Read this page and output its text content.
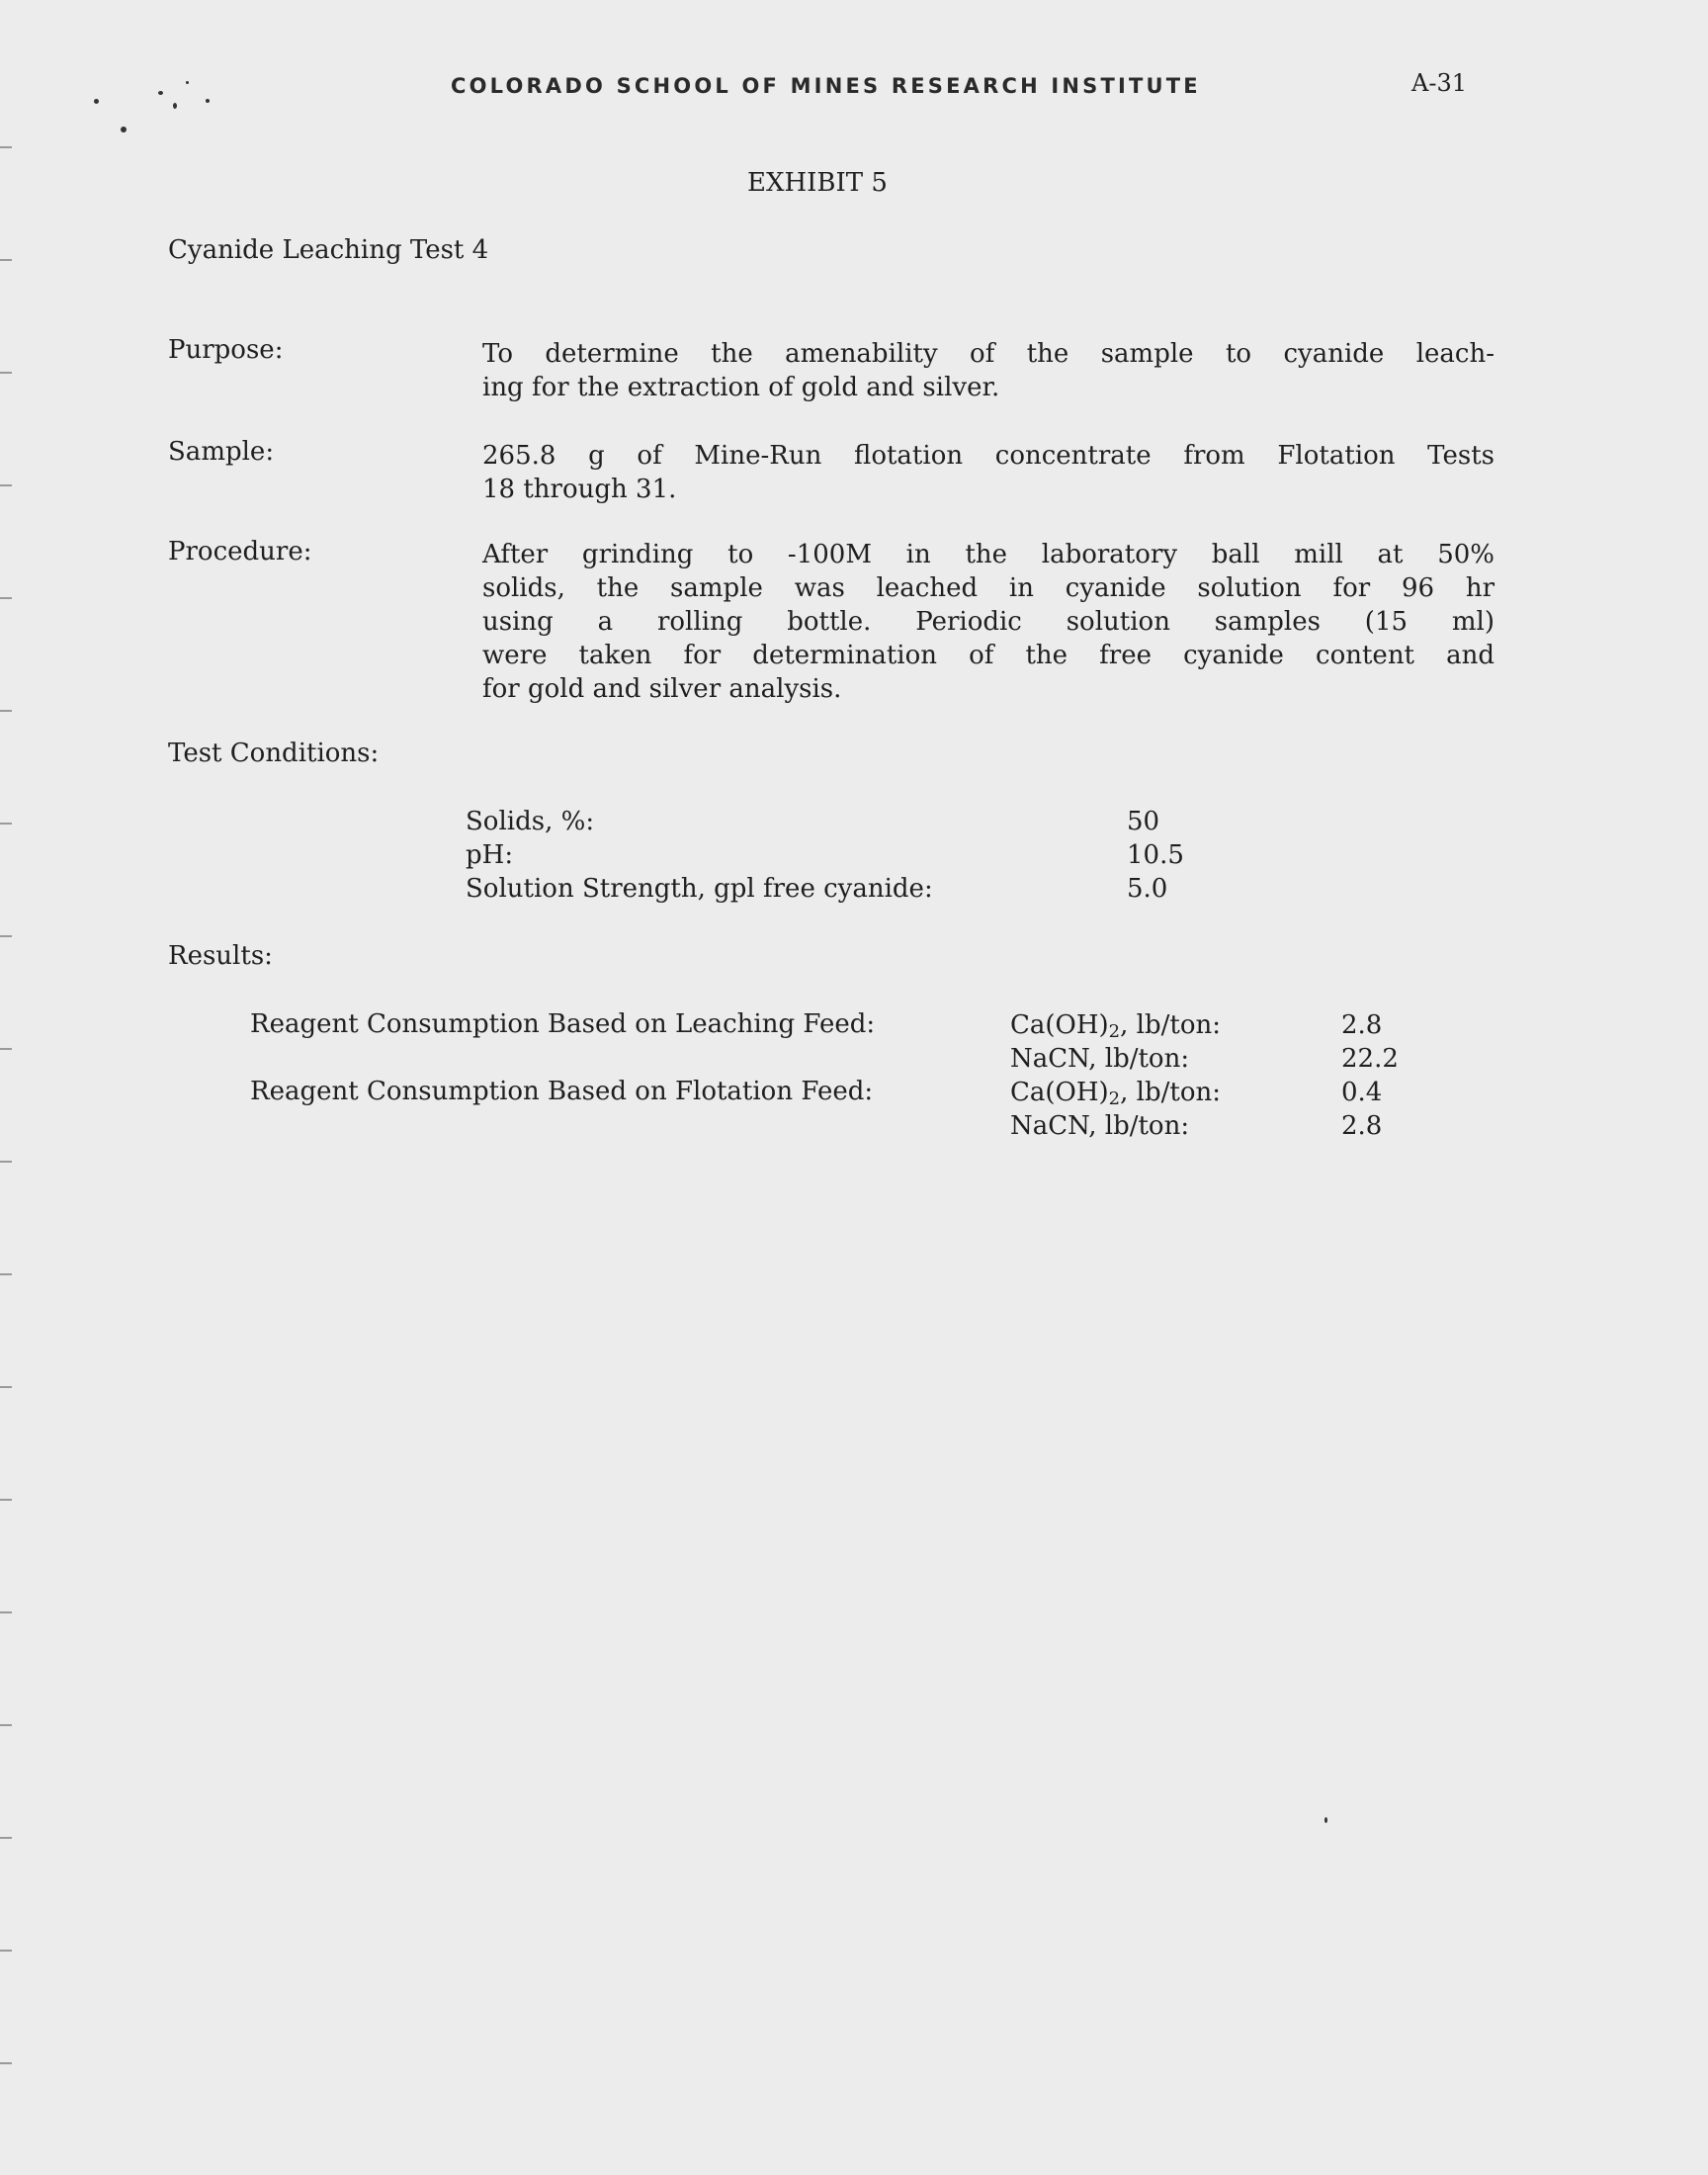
COLORADO SCHOOL OF MINES RESEARCH INSTITUTE	A-31
EXHIBIT 5
Cyanide Leaching Test 4
Purpose:	To determine the amenability of the sample to cyanide leach-
ing for the extraction of gold and silver.
Sample:	265.8 g of Mine-Run flotation concentrate from Flotation Tests
18 through 31.
Procedure:	After grinding to -100M in the laboratory ball mill at 50%
solids, the sample was leached in cyanide solution for 96 hr
using a rolling bottle. Periodic solution samples (15 ml)
were taken for determination of the free cyanide content and
for gold and silver analysis.
Test Conditions:
Solids, %:	50
pH:	10.5
Solution Strength, gpl free cyanide:	5.0
Results:
Reagent Consumption Based on Leaching Feed:	$Ca(OH)_2$, lb/ton:	2.8
NaCN, lb/ton:	22.2
Reagent Consumption Based on Flotation Feed:	$Ca(OH)_2$, lb/ton:	0.4
NaCN, lb/ton:	2.8
